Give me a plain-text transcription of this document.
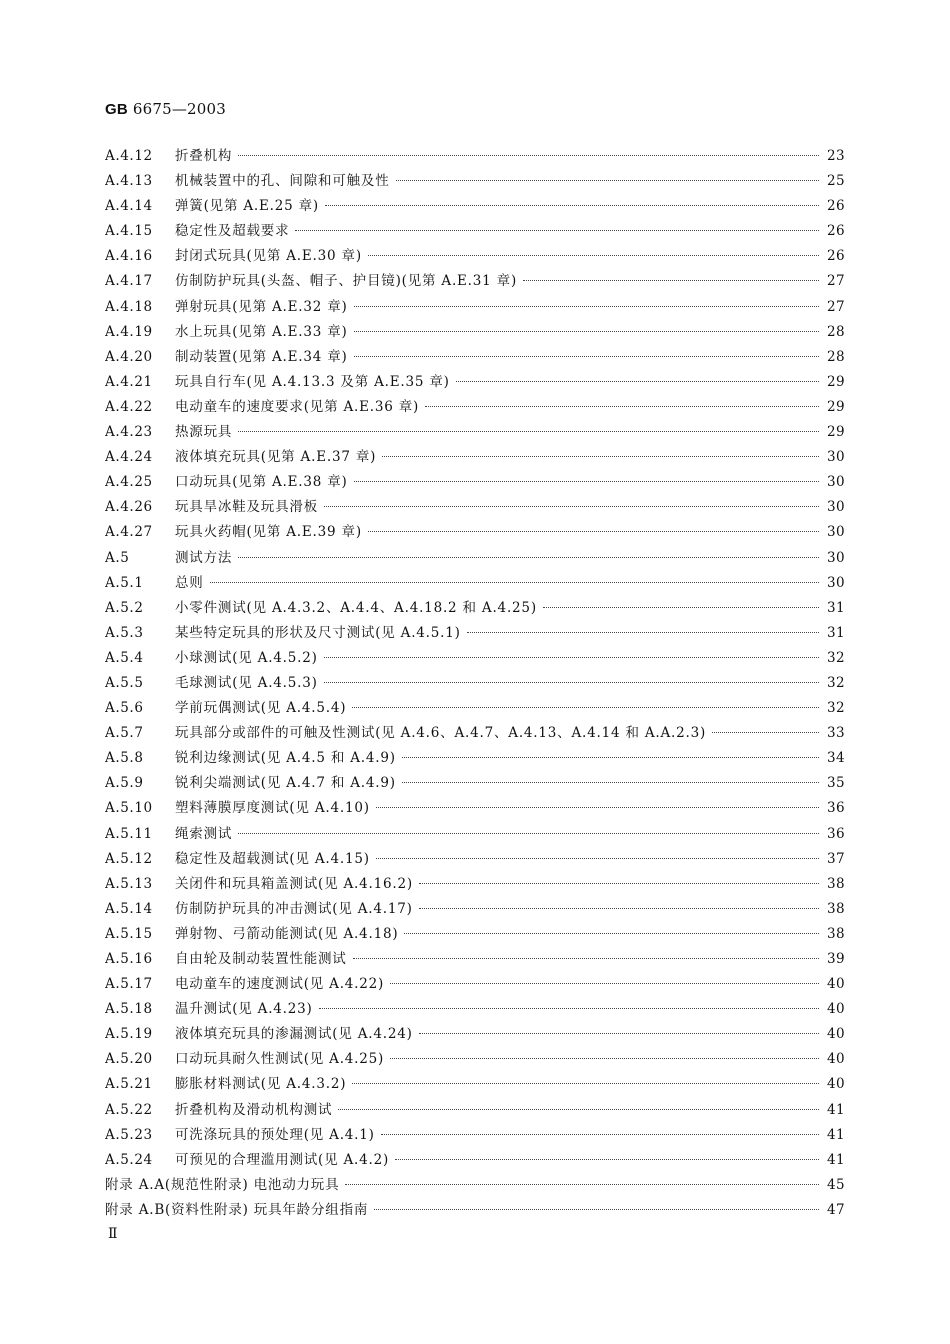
GB 6675—2003
A.4.12	折叠机构	23
A.4.13	机械装置中的孔、间隙和可触及性	25
A.4.14	弹簧(见第 A.E.25 章)	26
A.4.15	稳定性及超载要求	26
A.4.16	封闭式玩具(见第 A.E.30 章)	26
A.4.17	仿制防护玩具(头盔、帽子、护目镜)(见第 A.E.31 章)	27
A.4.18	弹射玩具(见第 A.E.32 章)	27
A.4.19	水上玩具(见第 A.E.33 章)	28
A.4.20	制动装置(见第 A.E.34 章)	28
A.4.21	玩具自行车(见 A.4.13.3 及第 A.E.35 章)	29
A.4.22	电动童车的速度要求(见第 A.E.36 章)	29
A.4.23	热源玩具	29
A.4.24	液体填充玩具(见第 A.E.37 章)	30
A.4.25	口动玩具(见第 A.E.38 章)	30
A.4.26	玩具旱冰鞋及玩具滑板	30
A.4.27	玩具火药帽(见第 A.E.39 章)	30
A.5	测试方法	30
A.5.1	总则	30
A.5.2	小零件测试(见 A.4.3.2、A.4.4、A.4.18.2 和 A.4.25)	31
A.5.3	某些特定玩具的形状及尺寸测试(见 A.4.5.1)	31
A.5.4	小球测试(见 A.4.5.2)	32
A.5.5	毛球测试(见 A.4.5.3)	32
A.5.6	学前玩偶测试(见 A.4.5.4)	32
A.5.7	玩具部分或部件的可触及性测试(见 A.4.6、A.4.7、A.4.13、A.4.14 和 A.A.2.3)	33
A.5.8	锐利边缘测试(见 A.4.5 和 A.4.9)	34
A.5.9	锐利尖端测试(见 A.4.7 和 A.4.9)	35
A.5.10	塑料薄膜厚度测试(见 A.4.10)	36
A.5.11	绳索测试	36
A.5.12	稳定性及超载测试(见 A.4.15)	37
A.5.13	关闭件和玩具箱盖测试(见 A.4.16.2)	38
A.5.14	仿制防护玩具的冲击测试(见 A.4.17)	38
A.5.15	弹射物、弓箭动能测试(见 A.4.18)	38
A.5.16	自由轮及制动装置性能测试	39
A.5.17	电动童车的速度测试(见 A.4.22)	40
A.5.18	温升测试(见 A.4.23)	40
A.5.19	液体填充玩具的渗漏测试(见 A.4.24)	40
A.5.20	口动玩具耐久性测试(见 A.4.25)	40
A.5.21	膨胀材料测试(见 A.4.3.2)	40
A.5.22	折叠机构及滑动机构测试	41
A.5.23	可洗涤玩具的预处理(见 A.4.1)	41
A.5.24	可预见的合理滥用测试(见 A.4.2)	41
附录 A.A(规范性附录) 电池动力玩具	45
附录 A.B(资料性附录) 玩具年龄分组指南	47
Ⅱ
